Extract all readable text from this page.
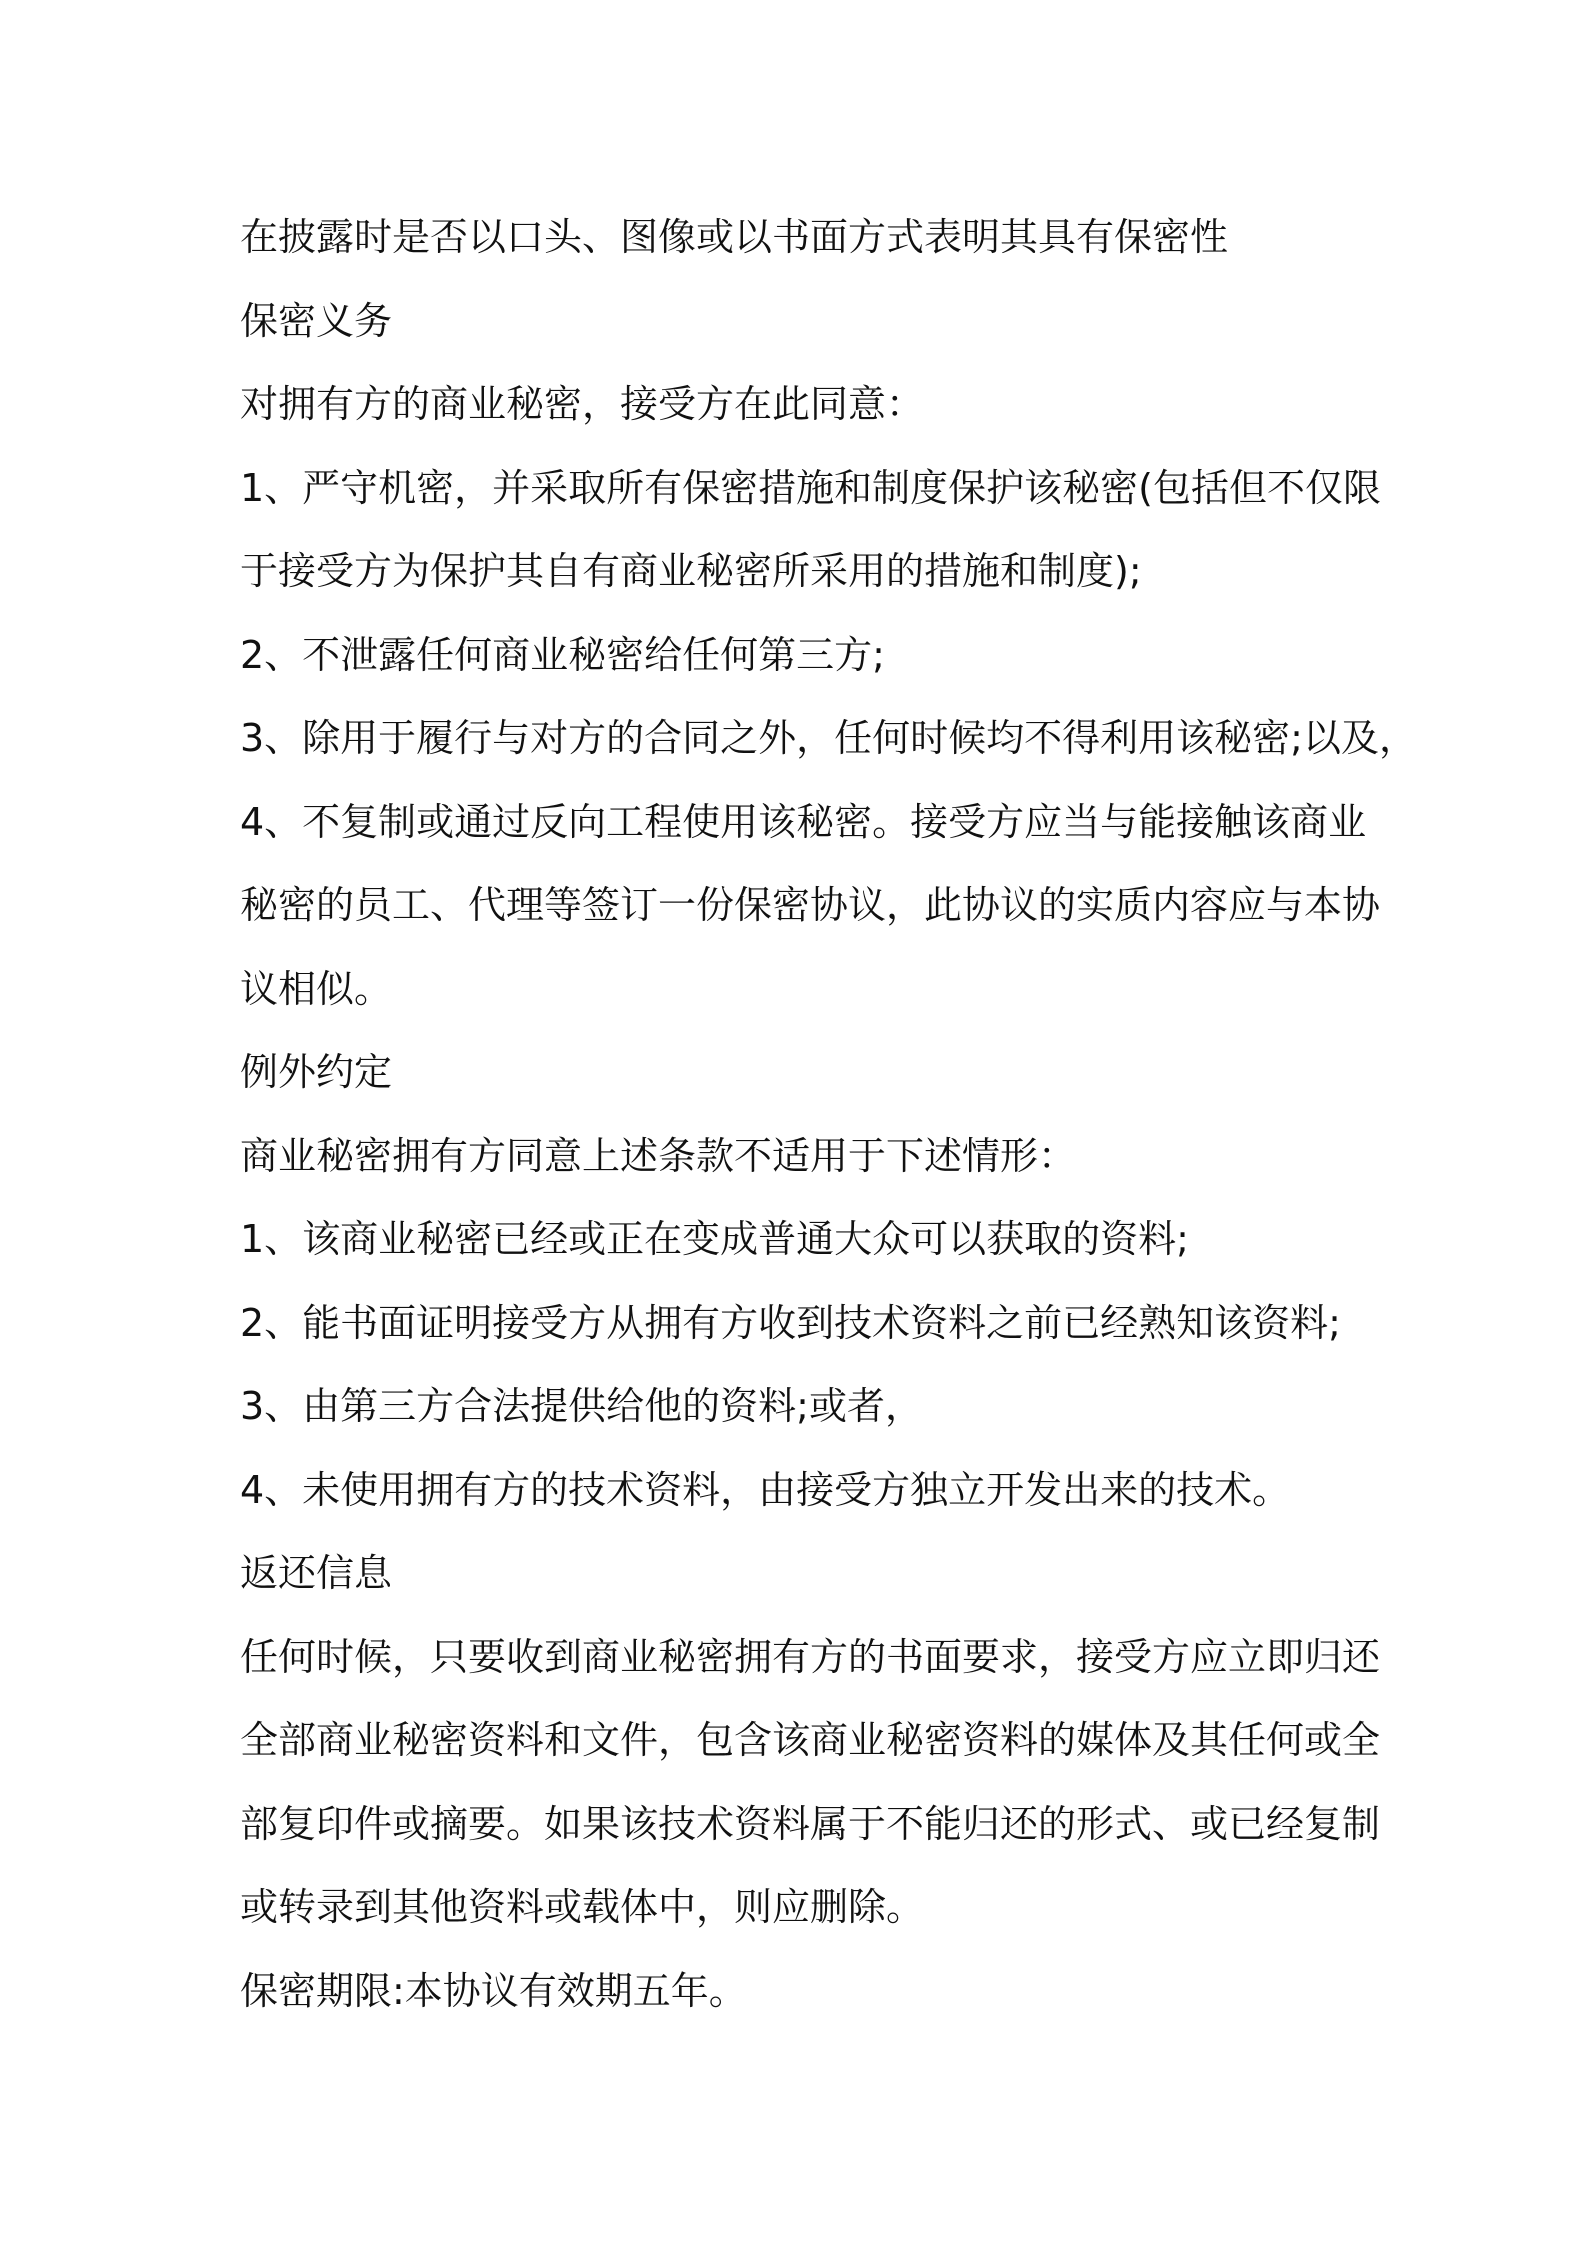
在披露时是否以口头、图像或以书面方式表明其具有保密性
保密义务
对拥有方的商业秘密，接受方在此同意：
1、严守机密，并采取所有保密措施和制度保护该秘密(包括但不仅限
于接受方为保护其自有商业秘密所采用的措施和制度);
2、不泄露任何商业秘密给任何第三方;
3、除用于履行与对方的合同之外，任何时候均不得利用该秘密;以及，
4、不复制或通过反向工程使用该秘密。接受方应当与能接触该商业
秘密的员工、代理等签订一份保密协议，此协议的实质内容应与本协
议相似。
例外约定
商业秘密拥有方同意上述条款不适用于下述情形：
1、该商业秘密已经或正在变成普通大众可以获取的资料;
2、能书面证明接受方从拥有方收到技术资料之前已经熟知该资料;
3、由第三方合法提供给他的资料;或者，
4、未使用拥有方的技术资料，由接受方独立开发出来的技术。
返还信息
任何时候，只要收到商业秘密拥有方的书面要求，接受方应立即归还
全部商业秘密资料和文件，包含该商业秘密资料的媒体及其任何或全
部复印件或摘要。如果该技术资料属于不能归还的形式、或已经复制
或转录到其他资料或载体中，则应删除。
保密期限:本协议有效期五年。
